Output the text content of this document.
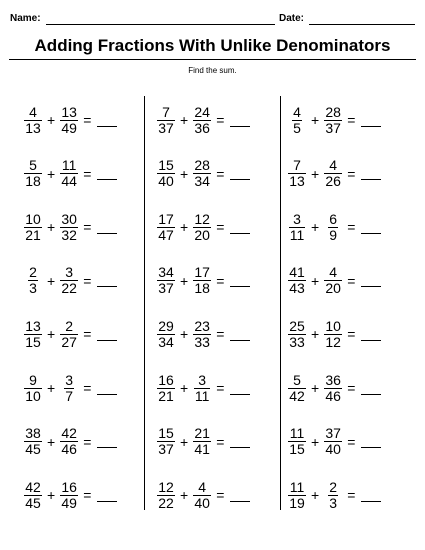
Name:	Date:
Adding Fractions With Unlike Denominators
Find the sum.
$\frac{4}{13} + \frac{13}{49}$ =
$\frac{5}{18} + \frac{11}{44}$ =
$\frac{10}{21} + \frac{30}{32}$ =
$\frac{2}{3} + \frac{3}{22}$ =
$\frac{13}{15} + \frac{2}{27}$ =
$\frac{9}{10} + \frac{3}{7}$ =
$\frac{38}{45} + \frac{42}{46}$ =
$\frac{42}{45} + \frac{16}{49}$ =
$\frac{7}{37} + \frac{24}{36}$ =
$\frac{15}{40} + \frac{28}{34}$ =
$\frac{17}{47} + \frac{12}{20}$ =
$\frac{34}{37} + \frac{17}{18}$ =
$\frac{29}{34} + \frac{23}{33}$ =
$\frac{16}{21} + \frac{3}{11}$ =
$\frac{15}{37} + \frac{21}{41}$ =
$\frac{12}{22} + \frac{4}{40}$ =
$\frac{4}{5} + \frac{28}{37}$ =
$\frac{7}{13} + \frac{4}{26}$ =
$\frac{3}{11} + \frac{6}{9}$ =
$\frac{41}{43} + \frac{4}{20}$ =
$\frac{25}{33} + \frac{10}{12}$ =
$\frac{5}{42} + \frac{36}{46}$ =
$\frac{11}{15} + \frac{37}{40}$ =
$\frac{11}{19} + \frac{2}{3}$ =
